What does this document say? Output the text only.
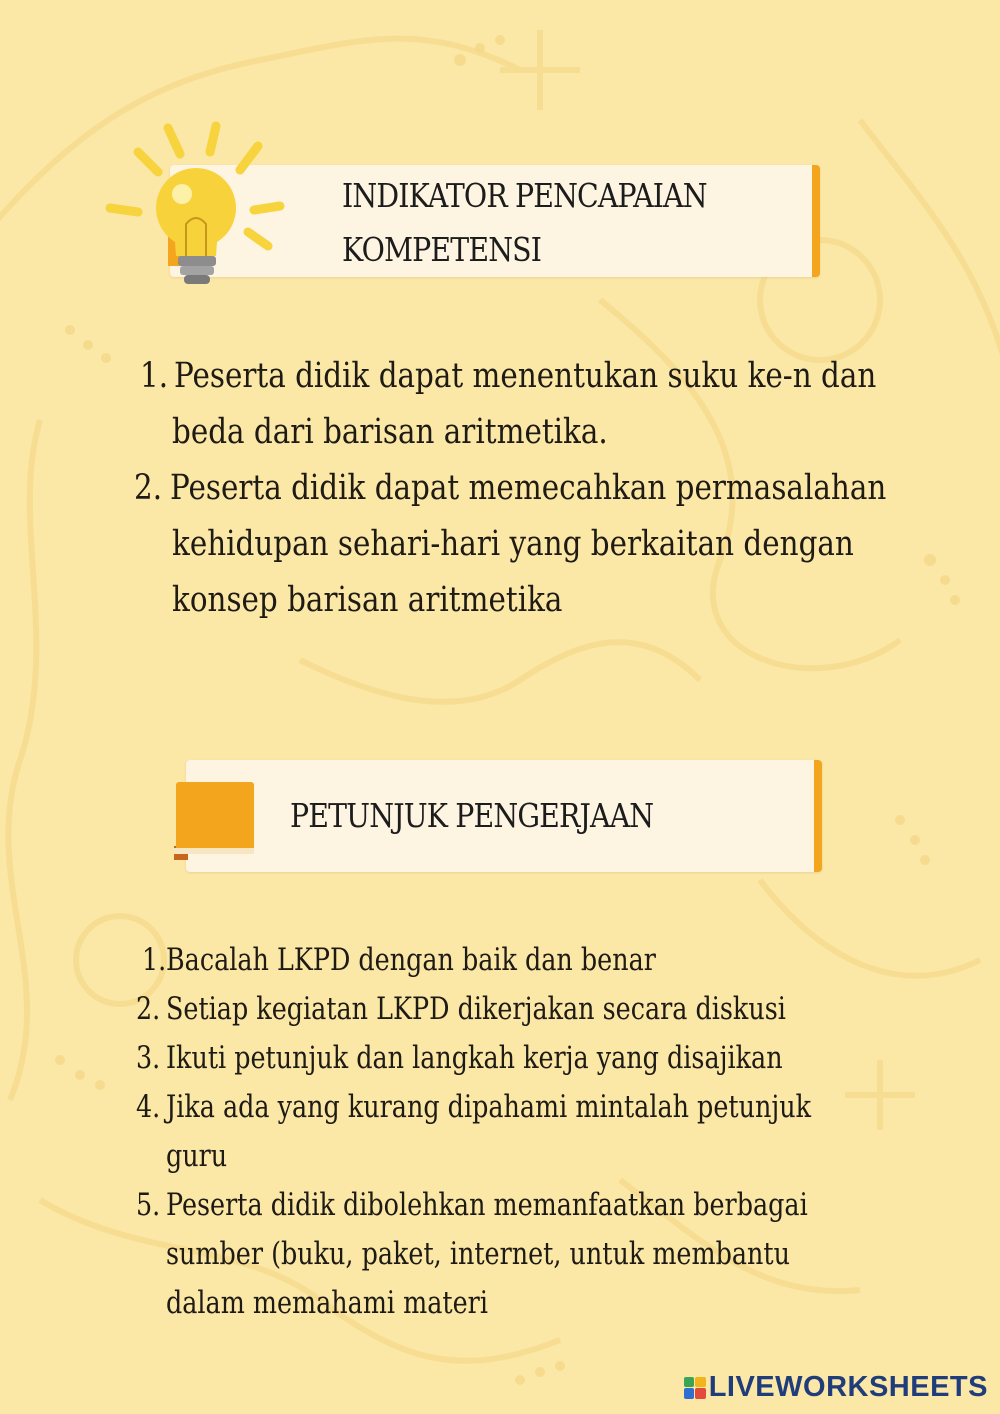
INDIKATOR PENCAPAIAN
KOMPETENSI
1. Peserta didik dapat menentukan suku ke-n dan
beda dari barisan aritmetika.
2. Peserta didik dapat memecahkan permasalahan
kehidupan sehari-hari yang berkaitan dengan
konsep barisan aritmetika
PETUNJUK PENGERJAAN
1. Bacalah LKPD dengan baik dan benar
2. Setiap kegiatan LKPD dikerjakan secara diskusi
3. Ikuti petunjuk dan langkah kerja yang disajikan
4. Jika ada yang kurang dipahami mintalah petunjuk
guru
5. Peserta didik dibolehkan memanfaatkan berbagai
sumber (buku, paket, internet, untuk membantu
dalam memahami materi
LIVEWORKSHEETS
